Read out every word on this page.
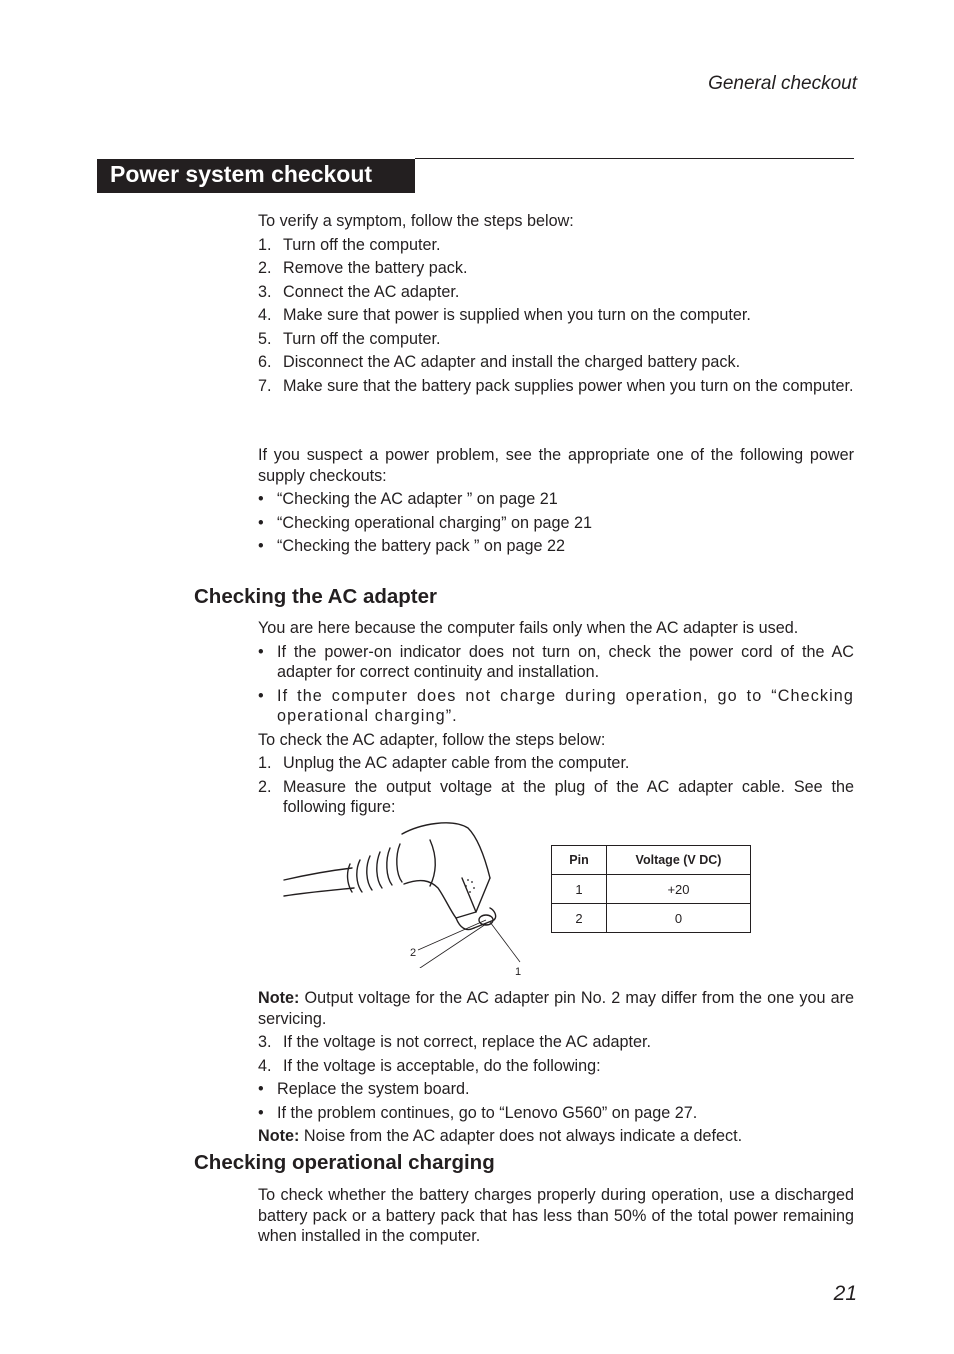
General checkout
Power system checkout

To verify a symptom, follow the steps below:

1. Turn off the computer.
2. Remove the battery pack.
3. Connect the AC adapter.
4. Make sure that power is supplied when you turn on the computer.
5. Turn off the computer.
6. Disconnect the AC adapter and install the charged battery pack.
7. Make sure that the battery pack supplies power when you turn on the computer.

If you suspect a power problem, see the appropriate one of the following power supply checkouts:

• “Checking the AC adapter ” on page 21
• “Checking operational charging” on page 21
• “Checking the battery pack ” on page 22
Checking the AC adapter

You are here because the computer fails only when the AC adapter is used.

• If the power-on indicator does not turn on, check the power cord of the AC adapter for correct continuity and installation.
• If the computer does not charge during operation, go to “Checking operational charging”.

To check the AC adapter, follow the steps below:

1. Unplug the AC adapter cable from the computer.
2. Measure the output voltage at the plug of the AC adapter cable. See the following figure:
2
1
Pin	Voltage (V DC)
1	+20
2	0

Note: Output voltage for the AC adapter pin No. 2 may differ from the one you are servicing.

3. If the voltage is not correct, replace the AC adapter.
4. If the voltage is acceptable, do the following:
• Replace the system board.
• If the problem continues, go to “Lenovo G560” on page 27.

Note: Noise from the AC adapter does not always indicate a defect.

Checking operational charging

To check whether the battery charges properly during operation, use a discharged battery pack or a battery pack that has less than 50% of the total power remaining when installed in the computer.

21
